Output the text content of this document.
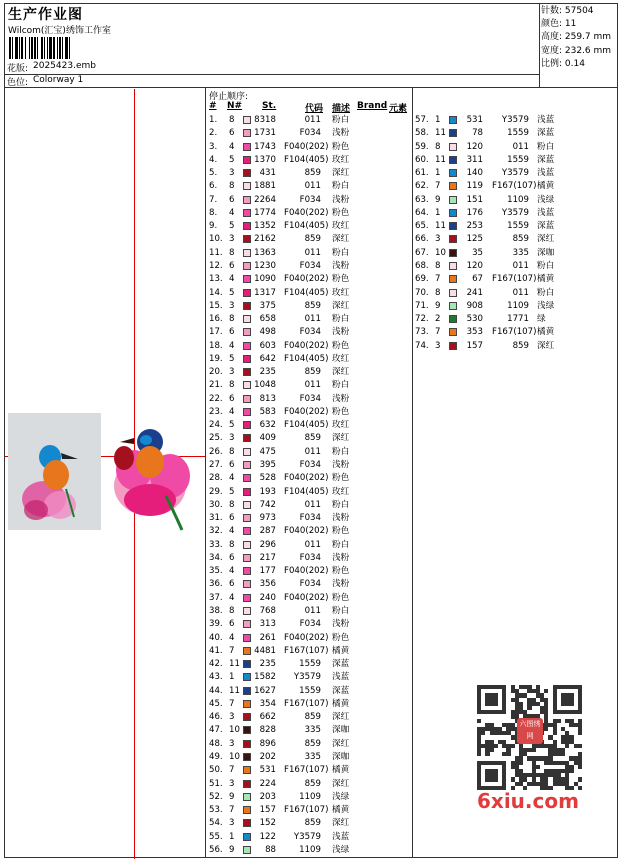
生产作业图
Wilcom(汇宝)绣饰工作室
花版: 2025423.emb
色位: Colorway 1
针数: 57504
颜色: 11
高度: 259.7 mm
宽度: 232.6 mm
比例: 0.14
停止顺序:
# N# St.	代码 描述 Brand 元素
1. 8 8318	011 粉白
2. 6 1731	F034 浅粉
3. 4 1743 F040(202) 粉色
4. 5 1370 F104(405) 玫红
5. 3	431	859 深红
6. 8 1881	011 粉白
7. 6 2264	F034 浅粉
8. 4 1774 F040(202) 粉色
9. 5 1352 F104(405) 玫红
10. 3 2162	859 深红
11. 8 1363	011 粉白
12. 6 1230	F034 浅粉
13. 4 1090 F040(202) 粉色
14. 5 1317 F104(405) 玫红
15. 3	375	859 深红
16. 8	658	011 粉白
17. 6	498	F034 浅粉
18. 4	603 F040(202) 粉色
19. 5	642 F104(405) 玫红
20. 3	235	859 深红
21. 8 1048	011 粉白
22. 6	813	F034 浅粉
23. 4	583 F040(202) 粉色
24. 5	632 F104(405) 玫红
25. 3	409	859 深红
26. 8	475	011 粉白
27. 6	395	F034 浅粉
28. 4	528 F040(202) 粉色
29. 5	193 F104(405) 玫红
30. 8	742	011 粉白
31. 6	973	F034 浅粉
32. 4	287 F040(202) 粉色
33. 8	296	011 粉白
34. 6	217	F034 浅粉
35. 4	177 F040(202) 粉色
36. 6	356	F034 浅粉
37. 4	240 F040(202) 粉色
38. 8	768	011 粉白
39. 6	313	F034 浅粉
40. 4	261 F040(202) 粉色
41. 7 4481 F167(107) 橘黄
42. 11	235	1559 深蓝
43. 1 1582	Y3579 浅蓝
44. 11 1627	1559 深蓝
45. 7	354 F167(107) 橘黄
46. 3	662	859 深红
47. 10	828	335 深咖
48. 3	896	859 深红
49. 10	202	335 深咖
50. 7	531 F167(107) 橘黄
51. 3	224	859 深红
52. 9	203	1109 浅绿
53. 7	157 F167(107) 橘黄
54. 3	152	859 深红
55. 1	122	Y3579 浅蓝
56. 9	88	1109 浅绿
57. 1	531	Y3579 浅蓝
58. 11	78	1559 深蓝
59. 8	120	011 粉白
60. 11	311	1559 深蓝
61. 1	140	Y3579 浅蓝
62. 7	119 F167(107) 橘黄
63. 9	151	1109 浅绿
64. 1	176	Y3579 浅蓝
65. 11	253	1559 深蓝
66. 3	125	859 深红
67. 10	35	335 深咖
68. 8	120	011 粉白
69. 7	67 F167(107) 橘黄
70. 8	241	011 粉白
71. 9	908	1109 浅绿
72. 2	530	1771 绿
73. 7	353 F167(107) 橘黄
74. 3	157	859 深红
六图绣网
6xiu.com
